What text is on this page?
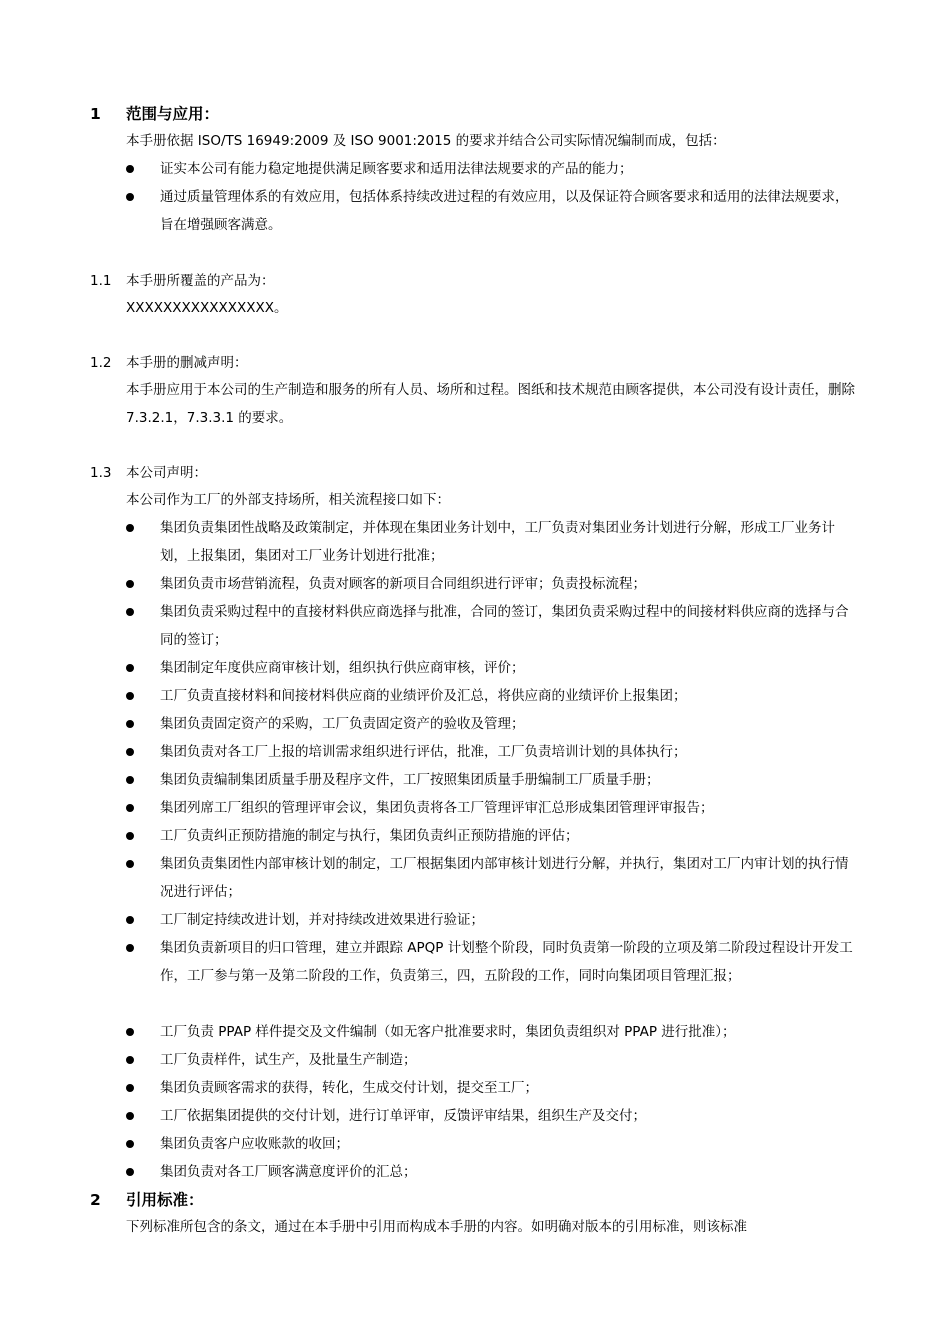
1 范围与应用：
本手册依据 ISO/TS 16949:2009 及 ISO 9001:2015 的要求并结合公司实际情况编制而成，包括：
证实本公司有能力稳定地提供满足顾客要求和适用法律法规要求的产品的能力；
通过质量管理体系的有效应用，包括体系持续改进过程的有效应用，以及保证符合顾客要求和适用的法律法规要求，旨在增强顾客满意。
1.1 本手册所覆盖的产品为：
XXXXXXXXXXXXXXXX。
1.2 本手册的删减声明：
本手册应用于本公司的生产制造和服务的所有人员、场所和过程。图纸和技术规范由顾客提供，本公司没有设计责任，删除 7.3.2.1，7.3.3.1 的要求。
1.3 本公司声明：
本公司作为工厂的外部支持场所，相关流程接口如下：
集团负责集团性战略及政策制定，并体现在集团业务计划中，工厂负责对集团业务计划进行分解，形成工厂业务计划，上报集团，集团对工厂业务计划进行批准；
集团负责市场营销流程，负责对顾客的新项目合同组织进行评审；负责投标流程；
集团负责采购过程中的直接材料供应商选择与批准，合同的签订，集团负责采购过程中的间接材料供应商的选择与合同的签订；
集团制定年度供应商审核计划，组织执行供应商审核，评价；
工厂负责直接材料和间接材料供应商的业绩评价及汇总，将供应商的业绩评价上报集团；
集团负责固定资产的采购，工厂负责固定资产的验收及管理；
集团负责对各工厂上报的培训需求组织进行评估，批准，工厂负责培训计划的具体执行；
集团负责编制集团质量手册及程序文件，工厂按照集团质量手册编制工厂质量手册；
集团列席工厂组织的管理评审会议，集团负责将各工厂管理评审汇总形成集团管理评审报告；
工厂负责纠正预防措施的制定与执行，集团负责纠正预防措施的评估；
集团负责集团性内部审核计划的制定，工厂根据集团内部审核计划进行分解，并执行，集团对工厂内审计划的执行情况进行评估；
工厂制定持续改进计划，并对持续改进效果进行验证；
集团负责新项目的归口管理，建立并跟踪 APQP 计划整个阶段，同时负责第一阶段的立项及第二阶段过程设计开发工作，工厂参与第一及第二阶段的工作，负责第三，四，五阶段的工作，同时向集团项目管理汇报；
工厂负责 PPAP 样件提交及文件编制（如无客户批准要求时，集团负责组织对 PPAP 进行批准）；
工厂负责样件，试生产，及批量生产制造；
集团负责顾客需求的获得，转化，生成交付计划，提交至工厂；
工厂依据集团提供的交付计划，进行订单评审，反馈评审结果，组织生产及交付；
集团负责客户应收账款的收回；
集团负责对各工厂顾客满意度评价的汇总；
2 引用标准：
下列标准所包含的条文，通过在本手册中引用而构成本手册的内容。如明确对版本的引用标准，则该标准
